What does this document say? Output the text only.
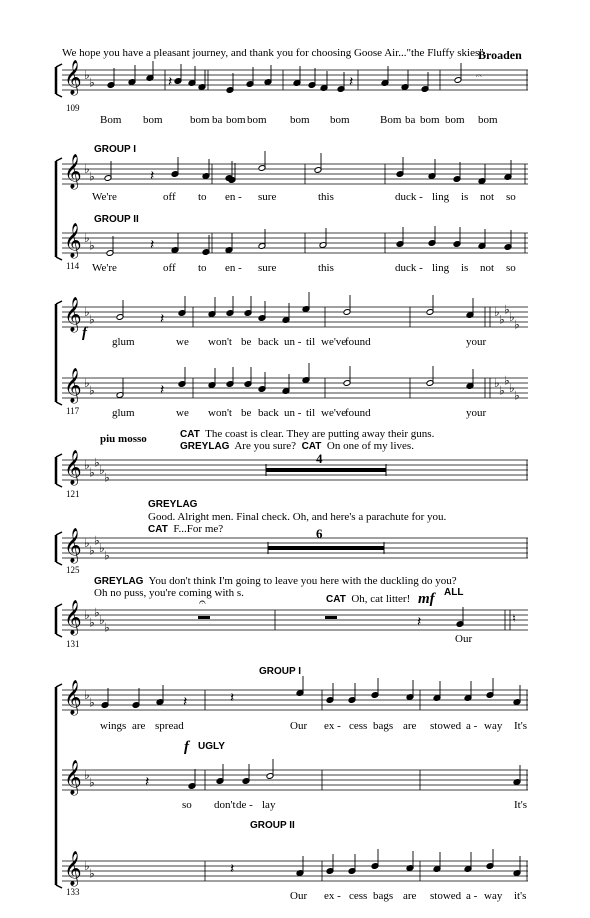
𝄞 ♭
♭	𝄽	𝄽	𝄐
𝄞
𝄞
♭
♭
♭
♭
𝄽
𝄽
𝄞
𝄞
♭
♭
♭
♭
♭
♭
♭
♭
♭
♭
♭
♭
♭
♭
𝄽
𝄽
𝄞 ♭
♭
♭
♭
♭
𝄞 ♭
♭
♭
♭
♭
𝄞 ♭
♭
♭
♭
♭
𝄐
𝄽	♮
𝄞
𝄞
𝄞
♭
♭
♭
♭
♭
♭
𝄽
𝄽
𝄽
𝄽
We hope you have a pleasant journey, and thank you for choosing Goose Air..."the Fluffy skies".
Broaden
109
Bom bom bom ba bom bom bom bom	Bom ba bom bom bom
GROUP I
GROUP II
114
We're	off to en - sure	this	duck - ling is not so
We're	off to en - sure	this	duck - ling is not so
f
117
glum	we won't be back un - til we've
found	your
glum	we won't be back un - til we've
found	your
piu mosso	CAT The coast is clear. They are putting away their guns.
GREYLAG Are you sure? CAT On one of my lives.
4
121
GREYLAG
Good. Alright men. Final check. Oh, and here's a parachute for you.
CAT F...For me?	6
125
GREYLAG You don't think I'm going to leave you here with the duckling do you?
Oh no puss, you're coming with s.
CAT Oh, cat litter! mf ALL
Our
131
GROUP I
f UGLY
GROUP II
133
wings are spread	Our ex - cess bags are stowed a - way It's
so don't de - lay	It's
Our ex - cess bags are stowed a - way it's
